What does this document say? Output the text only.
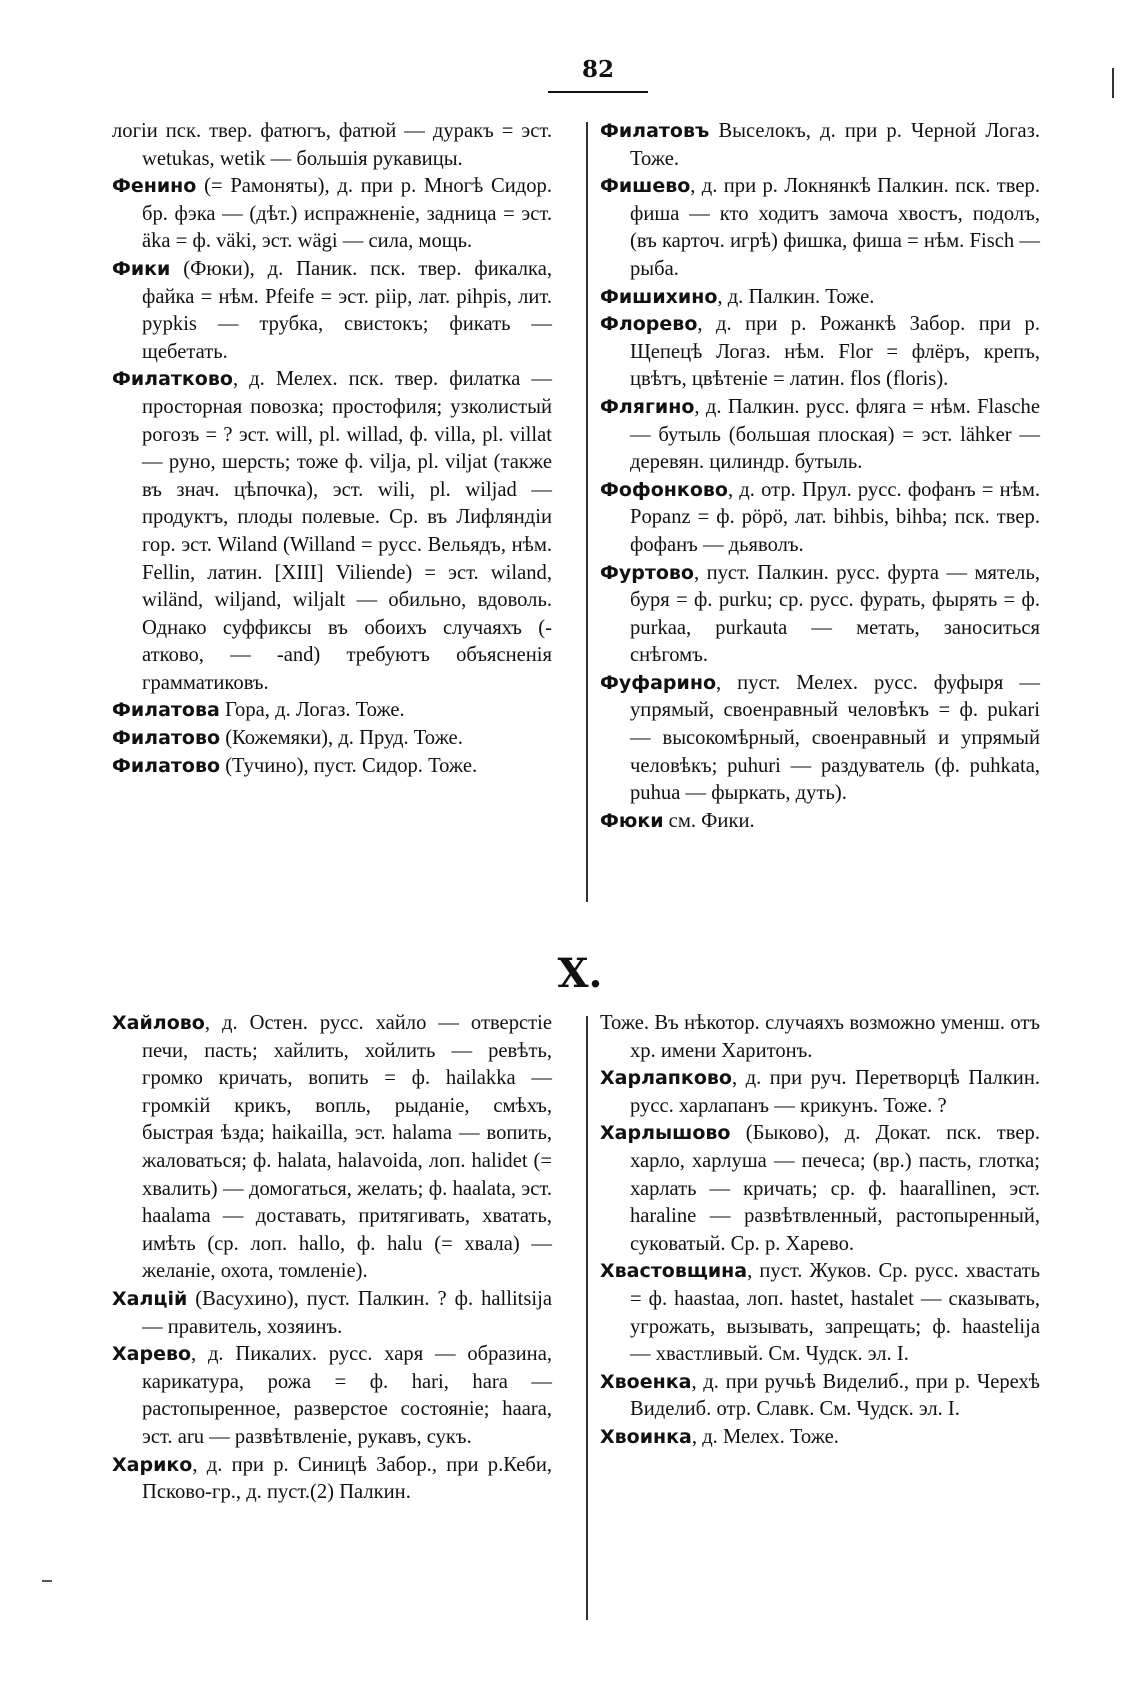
82

логіи пск. твер. фатюгъ, фатюй — дуракъ = эст. wetukas, wetik — большія рукавицы.

Фенино (= Рамоняты), д. при р. Многѣ Сидор. бр. фэка — (дѣт.) испражненіе, задница = эст. äka = ф. väki, эст. wägi — сила, мощь.

Фики (Фюки), д. Паник. пск. твер. фикалка, файка = нѣм. Pfeife = эст. piip, лат. pihpis, лит. pypkis — трубка, свистокъ; фикать — щебетать.

Филатково, д. Мелех. пск. твер. филатка — просторная повозка; простофиля; узколистый рогозъ = ? эст. will, pl. willad, ф. villa, pl. villat — руно, шерсть; тоже ф. vilja, pl. viljat (также въ знач. цѣпочка), эст. wili, pl. wiljad — продуктъ, плоды полевые. Ср. въ Лифляндіи гор. эст. Wiland (Willand = русс. Вельядъ, нѣм. Fellin, латин. [XIII] Viliende) = эст. wiland, wiländ, wiljand, wiljalt — обильно, вдоволь. Однако суффиксы въ обоихъ случаяхъ (-атково, — -and) требуютъ объясненія грамматиковъ.

Филатова Гора, д. Логаз. Тоже.

Филатово (Кожемяки), д. Пруд. Тоже.

Филатово (Тучино), пуст. Сидор. Тоже.

Филатовъ Выселокъ, д. при р. Черной Логаз. Тоже.

Фишево, д. при р. Локнянкѣ Палкин. пск. твер. фиша — кто ходитъ замоча хвостъ, подолъ, (въ карточ. игрѣ) фишка, фиша = нѣм. Fisch — рыба.

Фишихино, д. Палкин. Тоже.

Флорево, д. при р. Рожанкѣ Забор. при р. Щепецѣ Логаз. нѣм. Flor = флёръ, крепъ, цвѣтъ, цвѣтеніе = латин. flos (floris).

Флягино, д. Палкин. русс. фляга = нѣм. Flasche — бутыль (большая плоская) = эст. lähker — деревян. цилиндр. бутыль.

Фофонково, д. отр. Прул. русс. фофанъ = нѣм. Popanz = ф. pöpö, лат. bihbis, bihba; пск. твер. фофанъ — дьяволъ.

Фуртово, пуст. Палкин. русс. фурта — мятель, буря = ф. purku; ср. русс. фурать, фырять = ф. purkaa, purkauta — метать, заноситься снѣгомъ.

Фуфарино, пуст. Мелех. русс. фуфыря — упрямый, своенравный человѣкъ = ф. pukari — высокомѣрный, своенравный и упрямый человѣкъ; puhuri — раздуватель (ф. puhkata, puhua — фыркать, дуть).

Фюки см. Фики.

Х.

Хайлово, д. Остен. русс. хайло — отверстіе печи, пасть; хайлить, хойлить — ревѣть, громко кричать, вопить = ф. hailakka — громкій крикъ, вопль, рыданіе, смѣхъ, быстрая ѣзда; haikailla, эст. halama — вопить, жаловаться; ф. halata, halavoida, лоп. halidet (= хвалить) — домогаться, желать; ф. haalata, эст. haalama — доставать, притягивать, хватать, имѣть (ср. лоп. hallo, ф. halu (= хвала) — желаніе, охота, томленіе).

Халцій (Васухино), пуст. Палкин. ? ф. hallitsija — правитель, хозяинъ.

Харево, д. Пикалих. русс. харя — образина, карикатура, рожа = ф. hari, hara — растопыренное, разверстое состояніе; haara, эст. aru — развѣтвленіе, рукавъ, сукъ.

Харико, д. при р. Синицѣ Забор., при р.Кеби, Псково-гр., д. пуст.(2) Палкин.

Тоже. Въ нѣкотор. случаяхъ возможно уменш. отъ хр. имени Харитонъ.

Харлапково, д. при руч. Перетворцѣ Палкин. русс. харлапанъ — крикунъ. Тоже. ?

Харлышово (Быково), д. Докат. пск. твер. харло, харлуша — печеса; (вр.) пасть, глотка; харлать — кричать; ср. ф. haarallinen, эст. haraline — развѣтвленный, растопыренный, суковатый. Ср. р. Харево.

Хвастовщина, пуст. Жуков. Ср. русс. хвастать = ф. haastaa, лоп. hastet, hastalet — сказывать, угрожать, вызывать, запрещать; ф. haastelija — хвастливый. См. Чудск. эл. I.

Хвоенка, д. при ручьѣ Виделиб., при р. Черехѣ Виделиб. отр. Славк. См. Чудск. эл. I.

Хвоинка, д. Мелех. Тоже.
